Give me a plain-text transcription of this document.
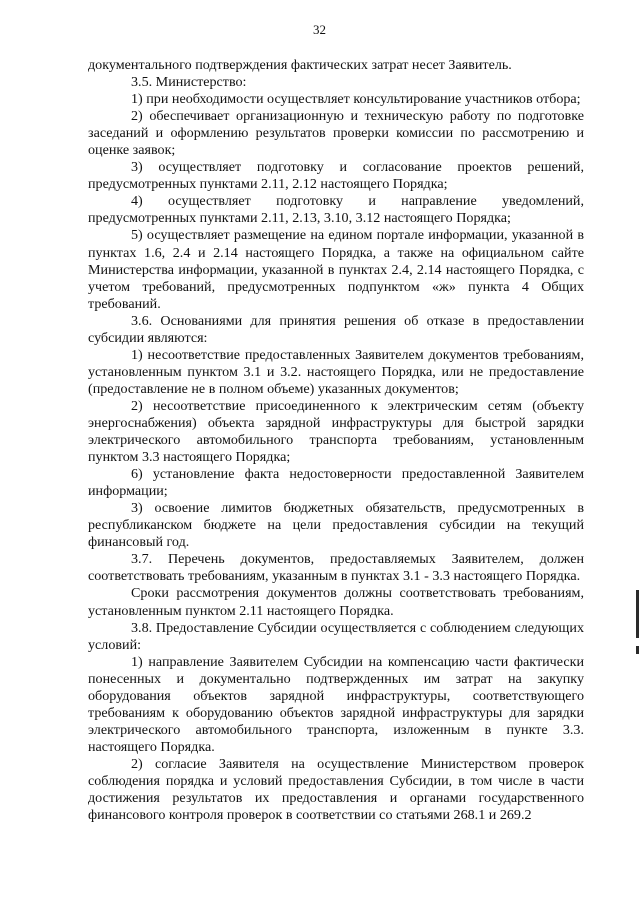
32

документального подтверждения фактических затрат несет Заявитель.

3.5. Министерство:

1) при необходимости осуществляет консультирование участников отбора;

2) обеспечивает организационную и техническую работу по подготовке заседаний и оформлению результатов проверки комиссии по рассмотрению и оценке заявок;

3) осуществляет подготовку и согласование проектов решений, предусмотренных пунктами 2.11, 2.12 настоящего Порядка;

4) осуществляет подготовку и направление уведомлений, предусмотренных пунктами 2.11, 2.13, 3.10, 3.12 настоящего Порядка;

5) осуществляет размещение на едином портале информации, указанной в пунктах 1.6, 2.4 и 2.14 настоящего Порядка, а также на официальном сайте Министерства информации, указанной в пунктах 2.4, 2.14 настоящего Порядка, с учетом требований, предусмотренных подпунктом «ж» пункта 4 Общих требований.

3.6. Основаниями для принятия решения об отказе в предоставлении субсидии являются:

1) несоответствие предоставленных Заявителем документов требованиям, установленным пунктом 3.1 и 3.2. настоящего Порядка, или не предоставление (предоставление не в полном объеме) указанных документов;

2) несоответствие присоединенного к электрическим сетям (объекту энергоснабжения) объекта зарядной инфраструктуры для быстрой зарядки электрического автомобильного транспорта требованиям, установленным пунктом 3.3 настоящего Порядка;

6) установление факта недостоверности предоставленной Заявителем информации;

3) освоение лимитов бюджетных обязательств, предусмотренных в республиканском бюджете на цели предоставления субсидии на текущий финансовый год.

3.7. Перечень документов, предоставляемых Заявителем, должен соответствовать требованиям, указанным в пунктах 3.1 - 3.3 настоящего Порядка.

Сроки рассмотрения документов должны соответствовать требованиям, установленным пунктом 2.11 настоящего Порядка.

3.8. Предоставление Субсидии осуществляется с соблюдением следующих условий:

1) направление Заявителем Субсидии на компенсацию части фактически понесенных и документально подтвержденных им затрат на закупку оборудования объектов зарядной инфраструктуры, соответствующего требованиям к оборудованию объектов зарядной инфраструктуры для зарядки электрического автомобильного транспорта, изложенным в пункте 3.3. настоящего Порядка.

2) согласие Заявителя на осуществление Министерством проверок соблюдения порядка и условий предоставления Субсидии, в том числе в части достижения результатов их предоставления и органами государственного финансового контроля проверок в соответствии со статьями 268.1 и 269.2
